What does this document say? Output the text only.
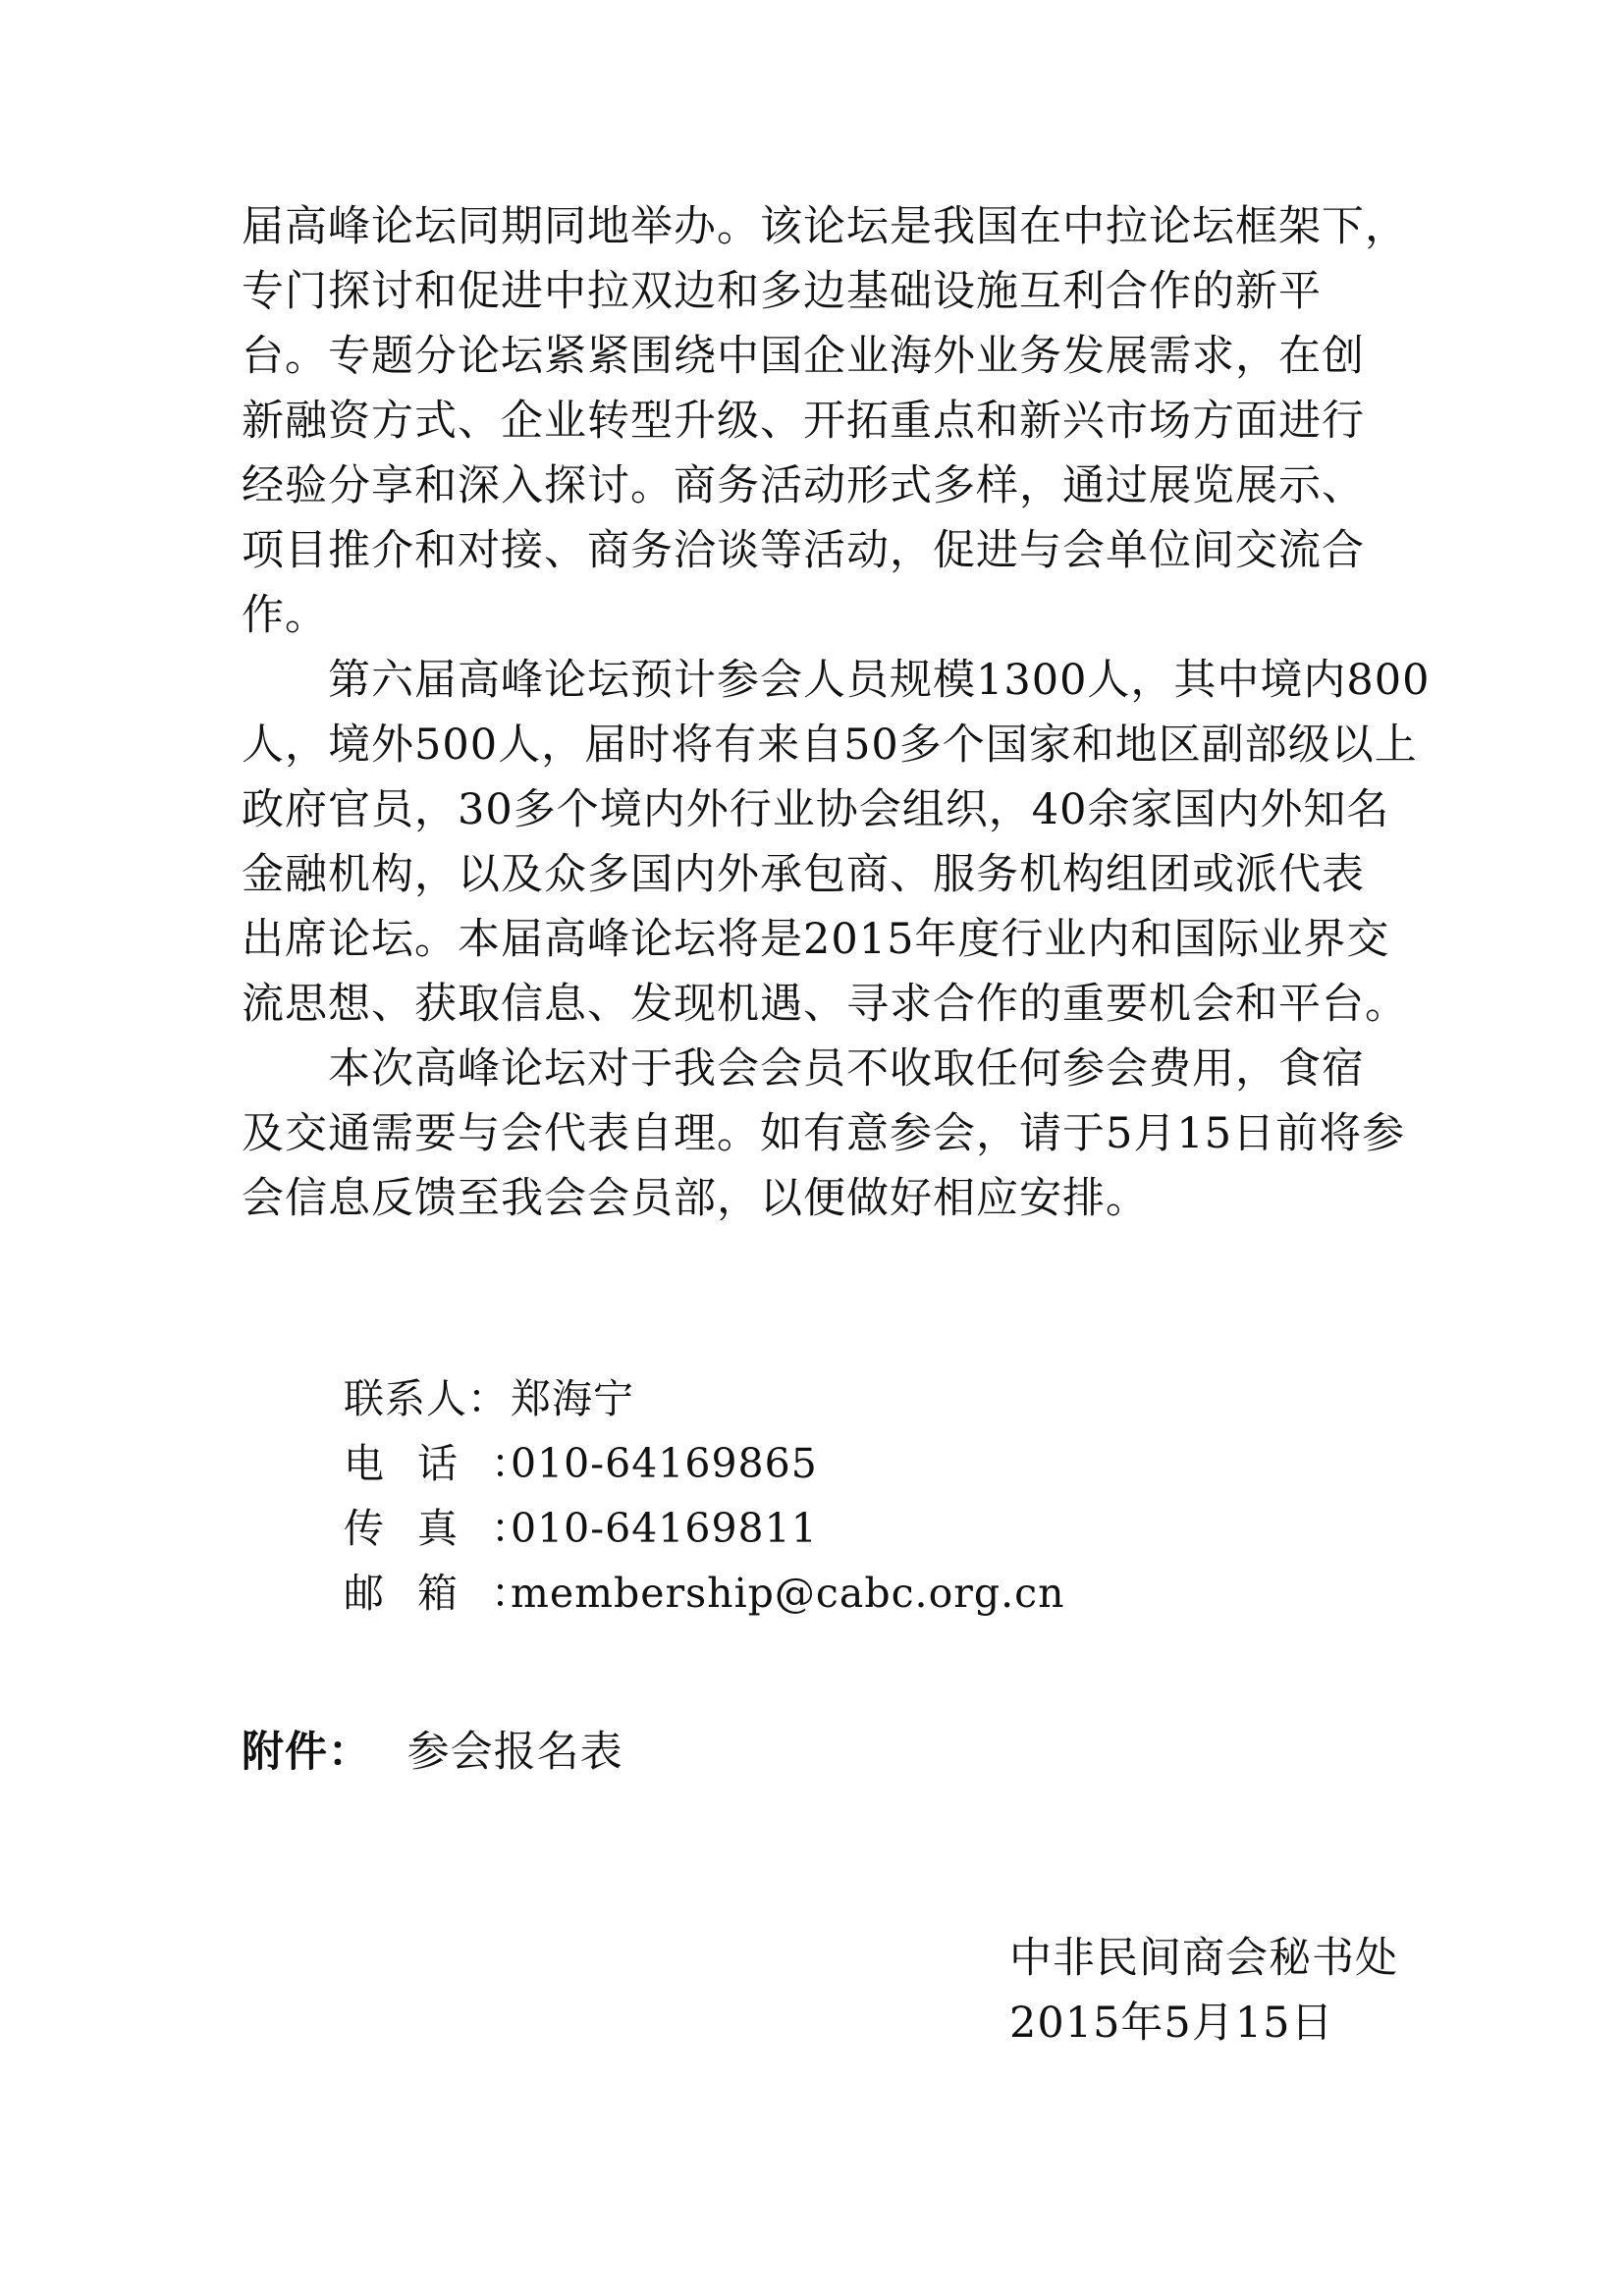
届高峰论坛同期同地举办。该论坛是我国在中拉论坛框架下，
专门探讨和促进中拉双边和多边基础设施互利合作的新平
台。专题分论坛紧紧围绕中国企业海外业务发展需求，在创
新融资方式、企业转型升级、开拓重点和新兴市场方面进行
经验分享和深入探讨。商务活动形式多样，通过展览展示、
项目推介和对接、商务洽谈等活动，促进与会单位间交流合
作。
　　第六届高峰论坛预计参会人员规模1300人，其中境内800
人，境外500人，届时将有来自50多个国家和地区副部级以上
政府官员，30多个境内外行业协会组织，40余家国内外知名
金融机构，以及众多国内外承包商、服务机构组团或派代表
出席论坛。本届高峰论坛将是2015年度行业内和国际业界交
流思想、获取信息、发现机遇、寻求合作的重要机会和平台。
　　本次高峰论坛对于我会会员不收取任何参会费用，食宿
及交通需要与会代表自理。如有意参会，请于5月15日前将参
会信息反馈至我会会员部，以便做好相应安排。
联系人： 郑海宁
电话：
010-64169865
传真：
010-64169811
邮箱：
membership@cabc.org.cn
附件： 参会报名表
中非民间商会秘书处
2015年5月15日
